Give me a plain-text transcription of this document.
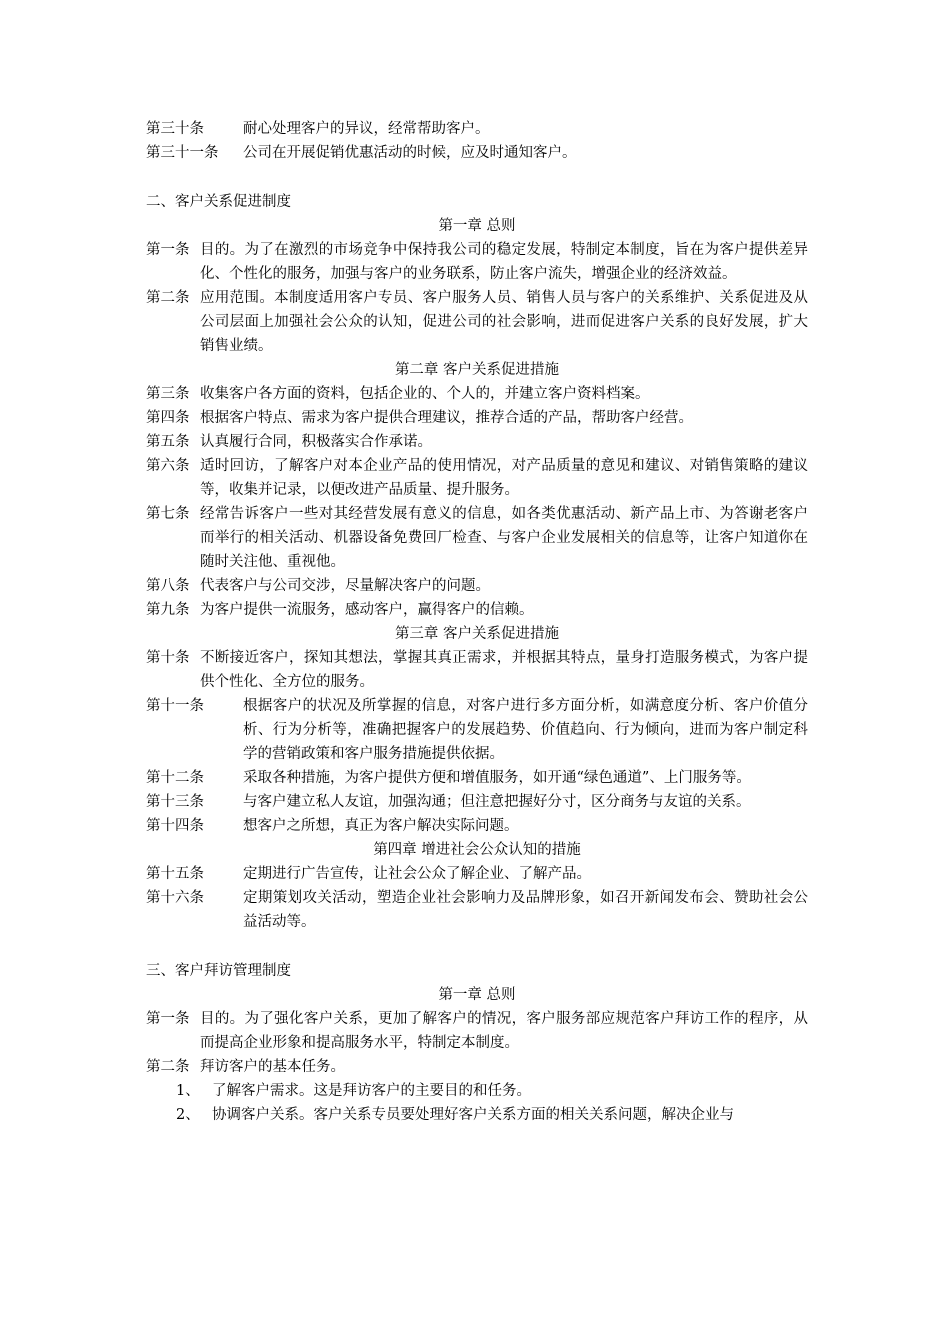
第三十条	耐心处理客户的异议，经常帮助客户。
第三十一条	公司在开展促销优惠活动的时候，应及时通知客户。
二、客户关系促进制度
第一章 总则
第一条 目的。为了在激烈的市场竞争中保持我公司的稳定发展，特制定本制度，旨在为客户提供差异化、个性化的服务，加强与客户的业务联系，防止客户流失，增强企业的经济效益。
第二条 应用范围。本制度适用客户专员、客户服务人员、销售人员与客户的关系维护、关系促进及从公司层面上加强社会公众的认知，促进公司的社会影响，进而促进客户关系的良好发展，扩大销售业绩。
第二章 客户关系促进措施
第三条 收集客户各方面的资料，包括企业的、个人的，并建立客户资料档案。
第四条 根据客户特点、需求为客户提供合理建议，推荐合适的产品，帮助客户经营。
第五条 认真履行合同，积极落实合作承诺。
第六条 适时回访，了解客户对本企业产品的使用情况，对产品质量的意见和建议、对销售策略的建议等，收集并记录，以便改进产品质量、提升服务。
第七条 经常告诉客户一些对其经营发展有意义的信息，如各类优惠活动、新产品上市、为答谢老客户而举行的相关活动、机器设备免费回厂检查、与客户企业发展相关的信息等，让客户知道你在随时关注他、重视他。
第八条 代表客户与公司交涉，尽量解决客户的问题。
第九条 为客户提供一流服务，感动客户，赢得客户的信赖。
第三章 客户关系促进措施
第十条 不断接近客户，探知其想法，掌握其真正需求，并根据其特点，量身打造服务模式，为客户提供个性化、全方位的服务。
第十一条	根据客户的状况及所掌握的信息，对客户进行多方面分析，如满意度分析、客户价值分析、行为分析等，准确把握客户的发展趋势、价值趋向、行为倾向，进而为客户制定科学的营销政策和客户服务措施提供依据。
第十二条	采取各种措施，为客户提供方便和增值服务，如开通“绿色通道”、上门服务等。
第十三条	与客户建立私人友谊，加强沟通；但注意把握好分寸，区分商务与友谊的关系。
第十四条	想客户之所想，真正为客户解决实际问题。
第四章 增进社会公众认知的措施
第十五条	定期进行广告宣传，让社会公众了解企业、了解产品。
第十六条	定期策划攻关活动，塑造企业社会影响力及品牌形象，如召开新闻发布会、赞助社会公益活动等。
三、客户拜访管理制度
第一章 总则
第一条 目的。为了强化客户关系，更加了解客户的情况，客户服务部应规范客户拜访工作的程序，从而提高企业形象和提高服务水平，特制定本制度。
第二条 拜访客户的基本任务。
1、 了解客户需求。这是拜访客户的主要目的和任务。
2、 协调客户关系。客户关系专员要处理好客户关系方面的相关关系问题，解决企业与
